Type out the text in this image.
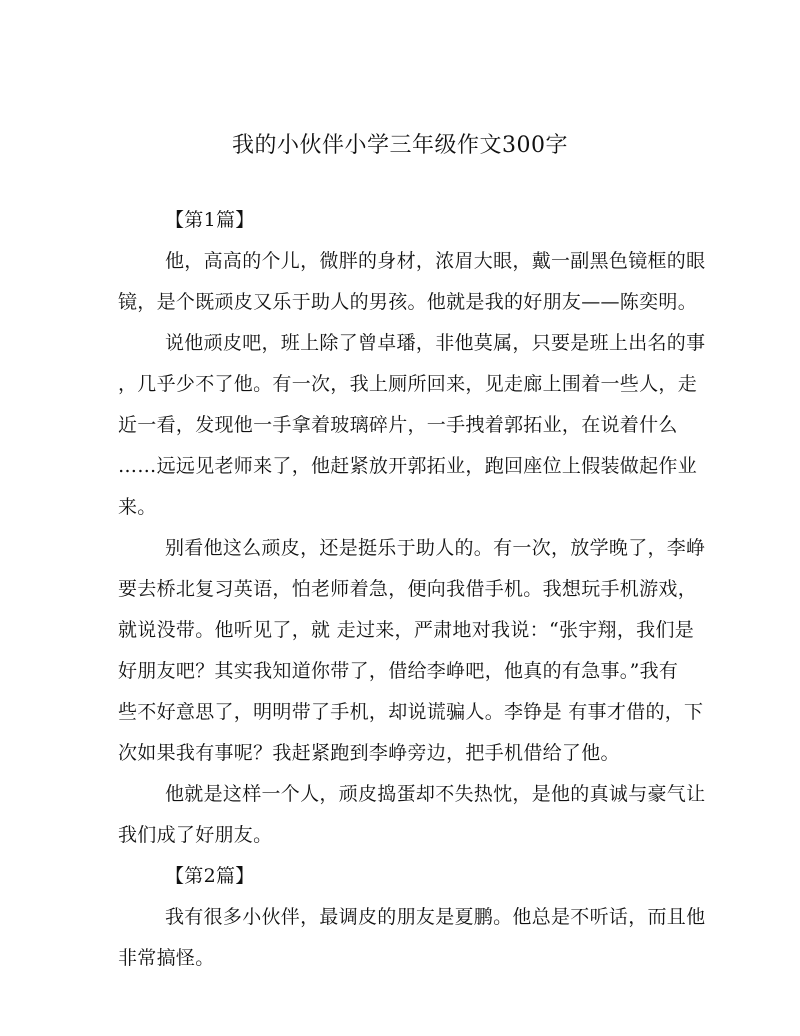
我的小伙伴小学三年级作文300字
【第1篇】
他，高高的个儿，微胖的身材，浓眉大眼，戴一副黑色镜框的眼
镜，是个既顽皮又乐于助人的男孩。他就是我的好朋友——陈奕明。
说他顽皮吧，班上除了曾卓璠，非他莫属，只要是班上出名的事
，几乎少不了他。有一次，我上厕所回来，见走廊上围着一些人，走
近一看，发现他一手拿着玻璃碎片，一手拽着郭拓业，在说着什么
……远远见老师来了，他赶紧放开郭拓业，跑回座位上假装做起作业
来。
别看他这么顽皮，还是挺乐于助人的。有一次，放学晚了，李峥
要去桥北复习英语，怕老师着急，便向我借手机。我想玩手机游戏，
就说没带。他听见了，就 走过来，严肃地对我说：“张宇翔，我们是
好朋友吧？其实我知道你带了，借给李峥吧，他真的有急事。”我有
些不好意思了，明明带了手机，却说谎骗人。李铮是 有事才借的，下
次如果我有事呢？我赶紧跑到李峥旁边，把手机借给了他。
他就是这样一个人，顽皮捣蛋却不失热忱，是他的真诚与豪气让
我们成了好朋友。
【第2篇】
我有很多小伙伴，最调皮的朋友是夏鹏。他总是不听话，而且他
非常搞怪。
